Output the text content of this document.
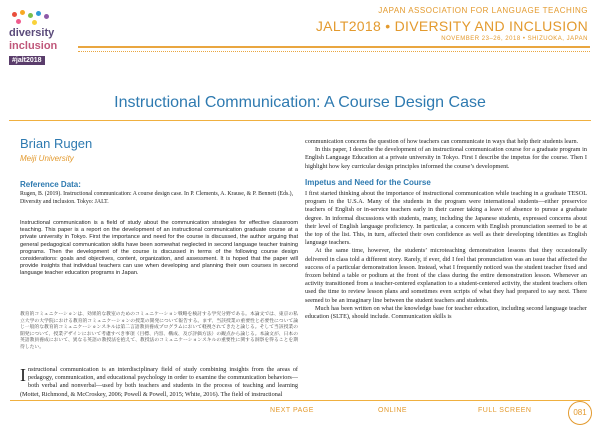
diversity
inclusion
#jalt2018
JAPAN ASSOCIATION FOR LANGUAGE TEACHING
JALT2018 • DIVERSITY AND INCLUSION
NOVEMBER 23–26, 2018 • SHIZUOKA, JAPAN
Instructional Communication: A Course Design Case
Brian Rugen
Meiji University
Reference Data:
Rugen, B. (2019). Instructional communication: A course design case. In P. Clements, A. Krause, & P. Bennett (Eds.), Diversity and inclusion. Tokyo: JALT.
Instructional communication is a field of study about the communication strategies for effective classroom teaching. This paper is a report on the development of an instructional communication graduate course at a private university in Tokyo. First the importance and need for the course is discussed, the author arguing that general pedagogical communication skills have been somewhat neglected in second language teacher training programs. Then the development of the course is discussed in terms of the following course design considerations: goals and objectives, content, organization, and assessment. It is hoped that the paper will provide insights that individual teachers can use when developing and planning their own courses in second language teacher education programs in Japan.
教育的コミュニケーションは、効果的な教室のためのコミュニケーション戦略を検討する学究分野である。本論文では、東京の私立大学の大学院における教育的コミュニケーションの授業の開発について報告する。まず、当該授業の重要性と必要性について論じ一般的な教育的コミュニケーションスキルは第二言語教員養成プログラムにおいて軽視されてきたと論じる。そして当該授業の開発について、授業デザインにおいて考慮すべき事項（目標、内容、構成、及び評価方法）の観点から論じる。本論文が、日本の英語教員養成において、異なる英語の教授法を抱えて、教授法のコミュニケーションスキルの重要性に関する洞察を得ることを期待したい。
Instructional communication is an interdisciplinary field of study combining insights from the areas of pedagogy, communication, and educational psychology in order to examine the communication behaviors—both verbal and nonverbal—used by both teachers and students in the process of teaching and learning (Mottet, Richmond, & McCroskey, 2006; Powell & Powell, 2015; White, 2016). The field of instructional

communication concerns the question of how teachers can communicate in ways that help their students learn.

In this paper, I describe the development of an instructional communication course for a graduate program in English Language Education at a private university in Tokyo. First I describe the impetus for the course. Then I highlight how key curricular design principles informed the course’s development.

Impetus and Need for the Course

I first started thinking about the importance of instructional communication while teaching in a graduate TESOL program in the U.S.A. Many of the students in the program were international students—either preservice teachers of English or in-service teachers early in their career taking a leave of absence to pursue a graduate degree. In informal discussions with students, many, including the Japanese students, expressed concerns about their level of English language proficiency. In particular, a concern with English pronunciation seemed to be at the top of the list. This, in turn, affected their own confidence as well as their developing identities as English language teachers.

At the same time, however, the students’ microteaching demonstration lessons that they occasionally delivered in class told a different story. Rarely, if ever, did I feel that pronunciation was an issue that affected the success of a particular demonstration lesson. Instead, what I frequently noticed was the student teacher fixed and frozen behind a table or podium at the front of the class during the entire demonstration lesson. Whenever an activity transitioned from a teacher-centered explanation to a student-centered activity, the student teachers often used the time to review lesson plans and sometimes even scripts of what they had prepared to say next. There seemed to be an imaginary line between the student teachers and students.

Much has been written on what the knowledge base for teacher education, including second language teacher education (SLTE), should include. Communication skills is

NEXT PAGE	ONLINE	FULL SCREEN	081
